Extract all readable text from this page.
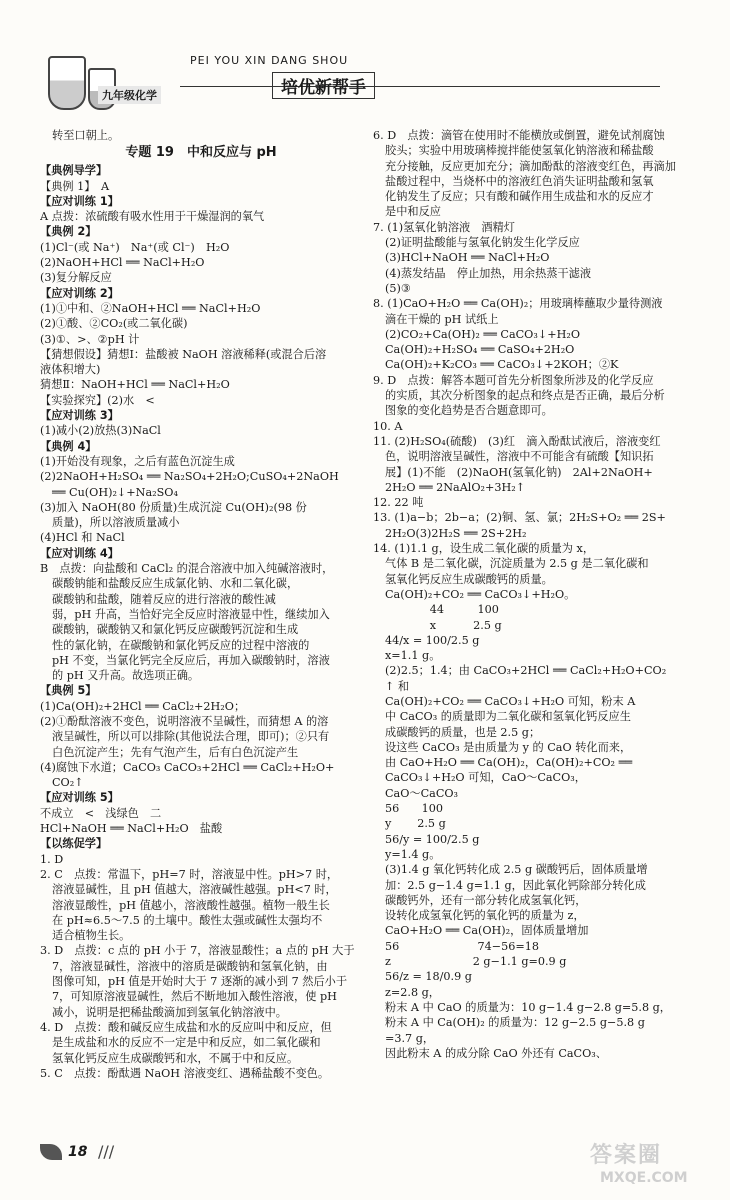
九年级化学
PEI YOU XIN DANG SHOU
培优新帮手
转至口朝上。
专题 19　中和反应与 pH
【典例导学】
【典例 1】　A
【应对训练 1】
A 点拨：浓硫酸有吸水性用于干燥湿润的氧气
【典例 2】
(1)Cl⁻(或 Na⁺)　Na⁺(或 Cl⁻)　H₂O
(2)NaOH+HCl ══ NaCl+H₂O
(3)复分解反应
【应对训练 2】
(1)①中和、②NaOH+HCl ══ NaCl+H₂O
(2)①酸、②CO₂(或二氧化碳)
(3)①、>、②pH 计
【猜想假设】猜想Ⅰ：盐酸被 NaOH 溶液稀释(或混合后溶
液体积增大)
猜想Ⅱ：NaOH+HCl ══ NaCl+H₂O
【实验探究】(2)水　<
【应对训练 3】
(1)减小(2)放热(3)NaCl
【典例 4】
(1)开始没有现象，之后有蓝色沉淀生成
(2)2NaOH+H₂SO₄ ══ Na₂SO₄+2H₂O;CuSO₄+2NaOH
══ Cu(OH)₂↓+Na₂SO₄
(3)加入 NaOH(80 份质量)生成沉淀 Cu(OH)₂(98 份
质量)，所以溶液质量减小
(4)HCl 和 NaCl
【应对训练 4】
B　点拨：向盐酸和 CaCl₂ 的混合溶液中加入纯碱溶液时，
碳酸钠能和盐酸反应生成氯化钠、水和二氧化碳，
碳酸钠和盐酸，随着反应的进行溶液的酸性减
弱，pH 升高，当恰好完全反应时溶液显中性，继续加入
碳酸钠，碳酸钠又和氯化钙反应碳酸钙沉淀和生成
性的氯化钠，在碳酸钠和氯化钙反应的过程中溶液的
pH 不变，当氯化钙完全反应后，再加入碳酸钠时，溶液
的 pH 又升高。故选项正确。
【典例 5】
(1)Ca(OH)₂+2HCl ══ CaCl₂+2H₂O；
(2)①酚酞溶液不变色，说明溶液不呈碱性，而猜想 A 的溶
液呈碱性，所以可以排除(其他说法合理，即可)；②只有
白色沉淀产生；先有气泡产生，后有白色沉淀产生
(4)腐蚀下水道；CaCO₃ CaCO₃+2HCl ══ CaCl₂+H₂O+
CO₂↑
【应对训练 5】
不成立　<　浅绿色　二
HCl+NaOH ══ NaCl+H₂O　盐酸
【以练促学】
1. D
2. C　点拨：常温下，pH=7 时，溶液显中性。pH>7 时，
溶液显碱性，且 pH 值越大，溶液碱性越强。pH<7 时，
溶液显酸性，pH 值越小，溶液酸性越强。植物一般生长
在 pH≈6.5～7.5 的土壤中。酸性太强或碱性太强均不
适合植物生长。
3. D　点拨：c 点的 pH 小于 7，溶液显酸性；a 点的 pH 大于
7，溶液显碱性，溶液中的溶质是碳酸钠和氢氧化钠，由
图像可知，pH 值是开始时大于 7 逐渐的减小到 7 然后小于
7，可知原溶液显碱性，然后不断地加入酸性溶液，使 pH
减小，说明是把稀盐酸滴加到氢氧化钠溶液中。
4. D　点拨：酸和碱反应生成盐和水的反应叫中和反应，但
是生成盐和水的反应不一定是中和反应，如二氧化碳和
氢氧化钙反应生成碳酸钙和水，不属于中和反应。
5. C　点拨：酚酞遇 NaOH 溶液变红、遇稀盐酸不变色。
6. D　点拨：滴管在使用时不能横放或倒置，避免试剂腐蚀
胶头；实验中用玻璃棒搅拌能使氢氧化钠溶液和稀盐酸
充分接触，反应更加充分；滴加酚酞的溶液变红色，再滴加
盐酸过程中，当烧杯中的溶液红色消失证明盐酸和氢氧
化钠发生了反应；只有酸和碱作用生成盐和水的反应才
是中和反应
7. (1)氢氧化钠溶液　酒精灯
(2)证明盐酸能与氢氧化钠发生化学反应
(3)HCl+NaOH ══ NaCl+H₂O
(4)蒸发结晶　停止加热，用余热蒸干滤液
(5)③
8. (1)CaO+H₂O ══ Ca(OH)₂；用玻璃棒蘸取少量待测液
滴在干燥的 pH 试纸上
(2)CO₂+Ca(OH)₂ ══ CaCO₃↓+H₂O
Ca(OH)₂+H₂SO₄ ══ CaSO₄+2H₂O
Ca(OH)₂+K₂CO₃ ══ CaCO₃↓+2KOH；②K
9. D　点拨：解答本题可首先分析图象所涉及的化学反应
的实质，其次分析图象的起点和终点是否正确，最后分析
图象的变化趋势是否合题意即可。
10. A
11. (2)H₂SO₄(硫酸)　(3)红　滴入酚酞试液后，溶液变红
色，说明溶液呈碱性，溶液中不可能含有硫酸【知识拓
展】(1)不能　(2)NaOH(氢氧化钠)　2Al+2NaOH+
2H₂O ══ 2NaAlO₂+3H₂↑
12. 22 吨
13. (1)a−b；2b−a；(2)铜、氢、氯；2H₂S+O₂ ══ 2S+
2H₂O(3)2H₂S ══ 2S+2H₂
14. (1)1.1 g，设生成二氧化碳的质量为 x，
气体 B 是二氧化碳，沉淀质量为 2.5 g 是二氧化碳和
氢氧化钙反应生成碳酸钙的质量。
Ca(OH)₂+CO₂ ══ CaCO₃↓+H₂O。
　　　　44　　　100
　　　　x　　　 2.5 g
44/x = 100/2.5 g
x=1.1 g。
(2)2.5；1.4；由 CaCO₃+2HCl ══ CaCl₂+H₂O+CO₂
↑ 和
Ca(OH)₂+CO₂ ══ CaCO₃↓+H₂O 可知，粉末 A
中 CaCO₃ 的质量即为二氧化碳和氢氧化钙反应生
成碳酸钙的质量，也是 2.5 g；
设这些 CaCO₃ 是由质量为 y 的 CaO 转化而来，
由 CaO+H₂O ══ Ca(OH)₂，Ca(OH)₂+CO₂ ══
CaCO₃↓+H₂O 可知，CaO～CaCO₃，
CaO～CaCO₃
56　　100
y　　 2.5 g
56/y = 100/2.5 g
y=1.4 g。
(3)1.4 g 氧化钙转化成 2.5 g 碳酸钙后，固体质量增
加：2.5 g−1.4 g=1.1 g，因此氧化钙除部分转化成
碳酸钙外，还有一部分转化成氢氧化钙，
设转化成氢氧化钙的氧化钙的质量为 z，
CaO+H₂O ══ Ca(OH)₂，固体质量增加
56　　　　　　　74−56=18
z　　　　　　　 2 g−1.1 g=0.9 g
56/z = 18/0.9 g
z=2.8 g，
粉末 A 中 CaO 的质量为：10 g−1.4 g−2.8 g=5.8 g，
粉末 A 中 Ca(OH)₂ 的质量为：12 g−2.5 g−5.8 g
=3.7 g，
因此粉末 A 的成分除 CaO 外还有 CaCO₃、
18 ///	答案圈
MXQE.COM
